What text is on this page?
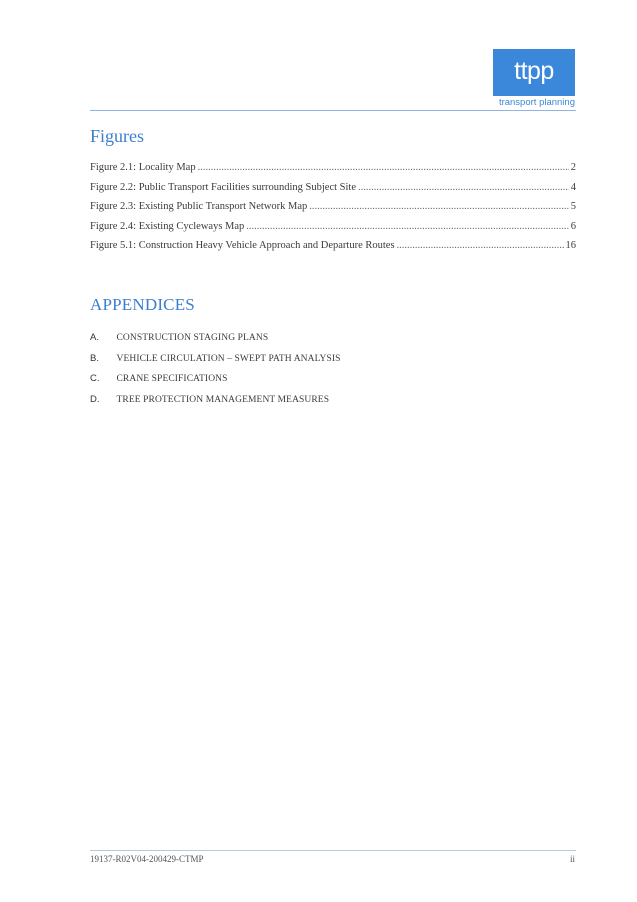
ttpp
transport planning
Figures
Figure 2.1: Locality Map .....	2
Figure 2.2: Public Transport Facilities surrounding Subject Site .....	4
Figure 2.3: Existing Public Transport Network Map .....	5
Figure 2.4: Existing Cycleways Map .....	6
Figure 5.1: Construction Heavy Vehicle Approach and Departure Routes .....	16
APPENDICES
A. CONSTRUCTION STAGING PLANS
B. VEHICLE CIRCULATION – SWEPT PATH ANALYSIS
C. CRANE SPECIFICATIONS
D. TREE PROTECTION MANAGEMENT MEASURES
19137-R02V04-200429-CTMP	ii
